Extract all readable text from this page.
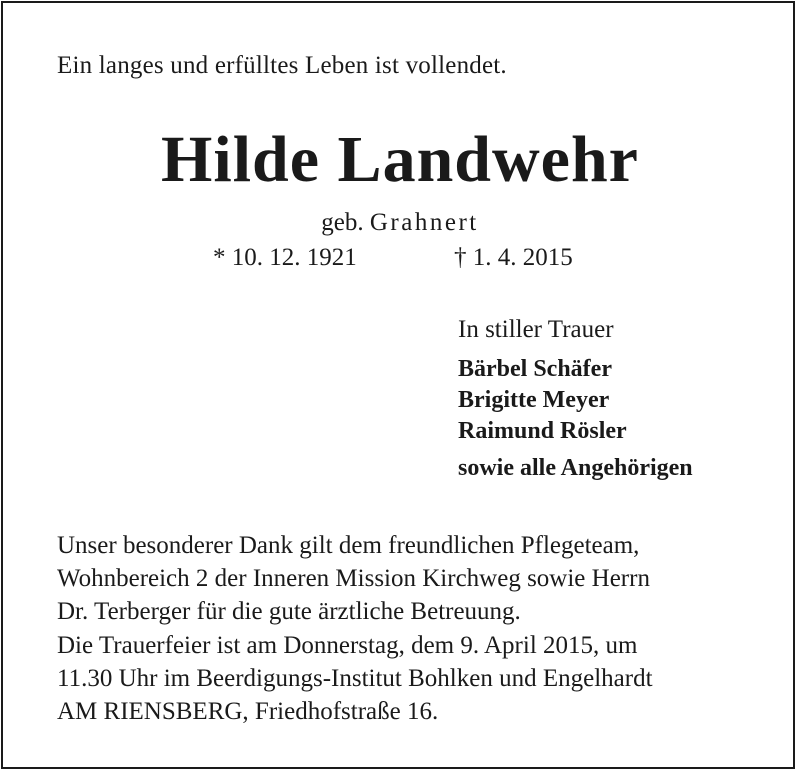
Ein langes und erfülltes Leben ist vollendet.

Hilde Landwehr

geb. Grahnert

* 10. 12. 1921	† 1. 4. 2015

In stiller Trauer

Bärbel Schäfer
Brigitte Meyer
Raimund Rösler

sowie alle Angehörigen

Unser besonderer Dank gilt dem freundlichen Pflegeteam,
Wohnbereich 2 der Inneren Mission Kirchweg sowie Herrn
Dr. Terberger für die gute ärztliche Betreuung.
Die Trauerfeier ist am Donnerstag, dem 9. April 2015, um
11.30 Uhr im Beerdigungs-Institut Bohlken und Engelhardt
AM RIENSBERG, Friedhofstraße 16.
